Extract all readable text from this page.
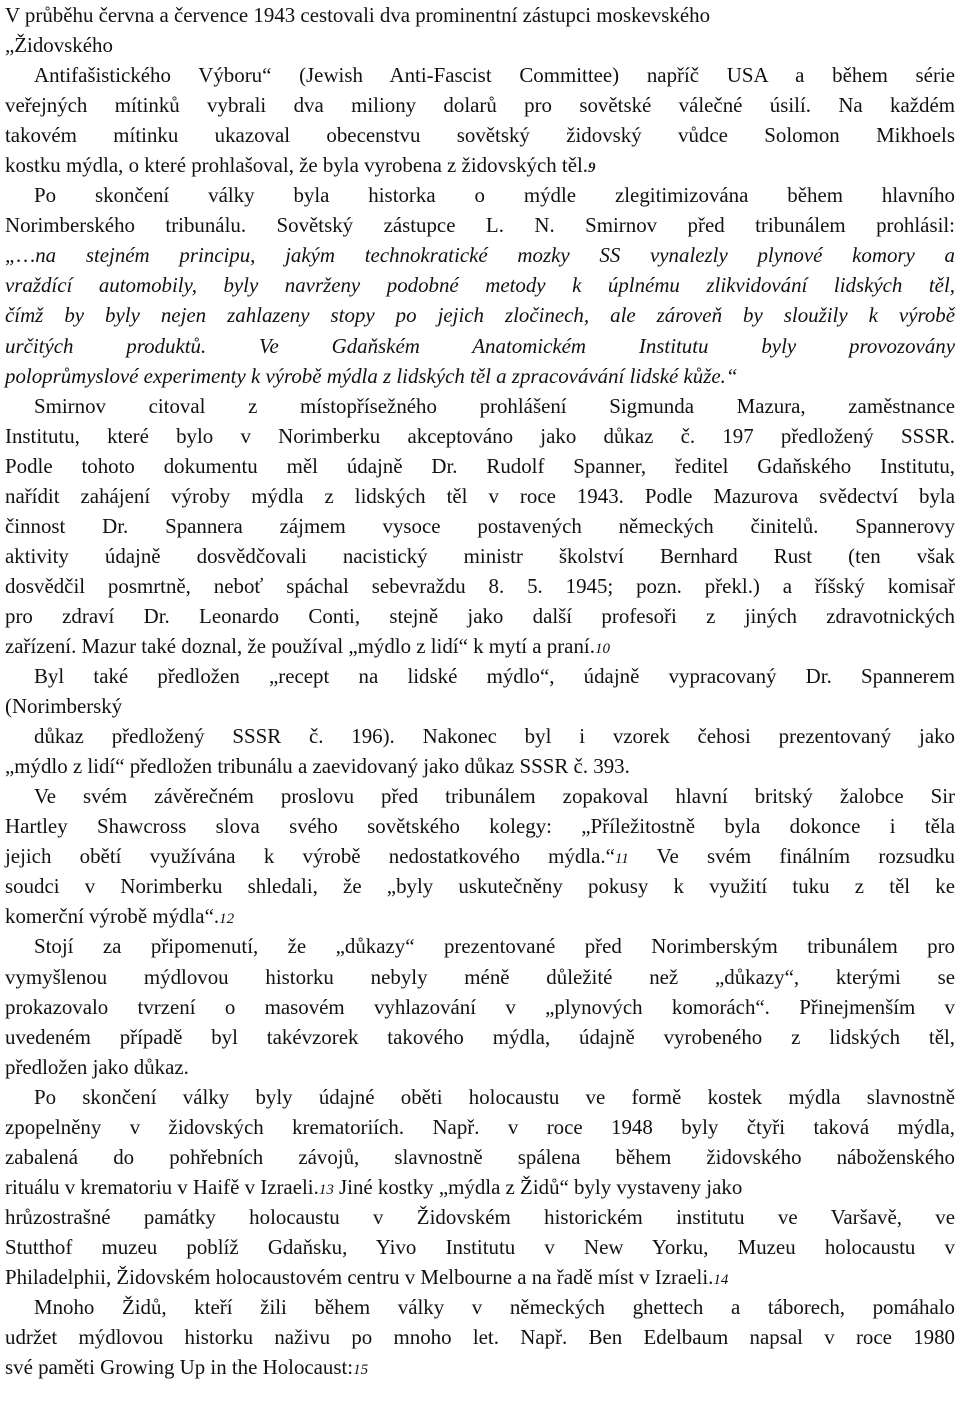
V průběhu června a července 1943 cestovali dva prominentní zástupci moskevského
„Židovského
Antifašistického Výboru“ (Jewish Anti-Fascist Committee) napříč USA a během série
veřejných mítinků vybrali dva miliony dolarů pro sovětské válečné úsilí. Na každém
takovém mítinku ukazoval obecenstvu sovětský židovský vůdce Solomon Mikhoels
kostku mýdla, o které prohlašoval, že byla vyrobena z židovských těl.9
Po skončení války byla historka o mýdle zlegitimizována během hlavního
Norimberského tribunálu. Sovětský zástupce L. N. Smirnov před tribunálem prohlásil:
„…na stejném principu, jakým technokratické mozky SS vynalezly plynové komory a
vraždící automobily, byly navrženy podobné metody k úplnému zlikvidování lidských těl,
čímž by byly nejen zahlazeny stopy po jejich zločinech, ale zároveň by sloužily k výrobě
určitých produktů. Ve Gdaňském Anatomickém Institutu byly provozovány
poloprůmyslové experimenty k výrobě mýdla z lidských těl a zpracovávání lidské kůže.“
Smirnov citoval z místopřísežného prohlášení Sigmunda Mazura, zaměstnance
Institutu, které bylo v Norimberku akceptováno jako důkaz č. 197 předložený SSSR.
Podle tohoto dokumentu měl údajně Dr. Rudolf Spanner, ředitel Gdaňského Institutu,
nařídit zahájení výroby mýdla z lidských těl v roce 1943. Podle Mazurova svědectví byla
činnost Dr. Spannera zájmem vysoce postavených německých činitelů. Spannerovy
aktivity údajně dosvědčovali nacistický ministr školství Bernhard Rust (ten však
dosvědčil posmrtně, neboť spáchal sebevraždu 8. 5. 1945; pozn. překl.) a říšský komisař
pro zdraví Dr. Leonardo Conti, stejně jako další profesoři z jiných zdravotnických
zařízení. Mazur také doznal, že používal „mýdlo z lidí“ k mytí a praní.10
Byl také předložen „recept na lidské mýdlo“, údajně vypracovaný Dr. Spannerem
(Norimberský
důkaz předložený SSSR č. 196). Nakonec byl i vzorek čehosi prezentovaný jako
„mýdlo z lidí“ předložen tribunálu a zaevidovaný jako důkaz SSSR č. 393.
Ve svém závěrečném proslovu před tribunálem zopakoval hlavní britský žalobce Sir
Hartley Shawcross slova svého sovětského kolegy: „Příležitostně byla dokonce i těla
jejich obětí využívána k výrobě nedostatkového mýdla.“11 Ve svém finálním rozsudku
soudci v Norimberku shledali, že „byly uskutečněny pokusy k využití tuku z těl ke
komerční výrobě mýdla“.12
Stojí za připomenutí, že „důkazy“ prezentované před Norimberským tribunálem pro
vymyšlenou mýdlovou historku nebyly méně důležité než „důkazy“, kterými se
prokazovalo tvrzení o masovém vyhlazování v „plynových komorách“. Přinejmenším v
uvedeném případě byl takévzorek takového mýdla, údajně vyrobeného z lidských těl,
předložen jako důkaz.
Po skončení války byly údajné oběti holocaustu ve formě kostek mýdla slavnostně
zpopelněny v židovských krematoriích. Např. v roce 1948 byly čtyři taková mýdla,
zabalená do pohřebních závojů, slavnostně spálena během židovského náboženského
rituálu v krematoriu v Haifě v Izraeli.13 Jiné kostky „mýdla z Židů“ byly vystaveny jako
hrůzostrašné památky holocaustu v Židovském historickém institutu ve Varšavě, ve
Stutthof muzeu poblíž Gdaňsku, Yivo Institutu v New Yorku, Muzeu holocaustu v
Philadelphii, Židovském holocaustovém centru v Melbourne a na řadě míst v Izraeli.14
Mnoho Židů, kteří žili během války v německých ghettech a táborech, pomáhalo
udržet mýdlovou historku naživu po mnoho let. Např. Ben Edelbaum napsal v roce 1980
své paměti Growing Up in the Holocaust:15
